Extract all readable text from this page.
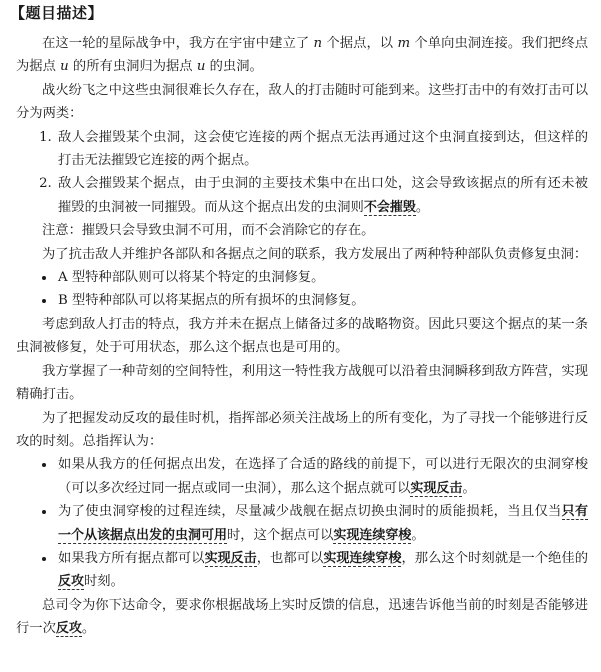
【题目描述】

在这一轮的星际战争中，我方在宇宙中建立了 n 个据点，以 m 个单向虫洞连接。我们把终点为据点 u 的所有虫洞归为据点 u 的虫洞。

战火纷飞之中这些虫洞很难长久存在，敌人的打击随时可能到来。这些打击中的有效打击可以分为两类：

1. 敌人会摧毁某个虫洞，这会使它连接的两个据点无法再通过这个虫洞直接到达，但这样的打击无法摧毁它连接的两个据点。
2. 敌人会摧毁某个据点，由于虫洞的主要技术集中在出口处，这会导致该据点的所有还未被摧毁的虫洞被一同摧毁。而从这个据点出发的虫洞则不会摧毁。

注意：摧毁只会导致虫洞不可用，而不会消除它的存在。

为了抗击敌人并维护各部队和各据点之间的联系，我方发展出了两种特种部队负责修复虫洞：

• A 型特种部队则可以将某个特定的虫洞修复。
• B 型特种部队可以将某据点的所有损坏的虫洞修复。

考虑到敌人打击的特点，我方并未在据点上储备过多的战略物资。因此只要这个据点的某一条虫洞被修复，处于可用状态，那么这个据点也是可用的。

我方掌握了一种苛刻的空间特性，利用这一特性我方战舰可以沿着虫洞瞬移到敌方阵营，实现精确打击。

为了把握发动反攻的最佳时机，指挥部必须关注战场上的所有变化，为了寻找一个能够进行反攻的时刻。总指挥认为：

• 如果从我方的任何据点出发，在选择了合适的路线的前提下，可以进行无限次的虫洞穿梭（可以多次经过同一据点或同一虫洞），那么这个据点就可以实现反击。
• 为了使虫洞穿梭的过程连续，尽量减少战舰在据点切换虫洞时的质能损耗，当且仅当只有一个从该据点出发的虫洞可用时，这个据点可以实现连续穿梭。
• 如果我方所有据点都可以实现反击，也都可以实现连续穿梭，那么这个时刻就是一个绝佳的反攻时刻。

总司令为你下达命令，要求你根据战场上实时反馈的信息，迅速告诉他当前的时刻是否能够进行一次反攻。
